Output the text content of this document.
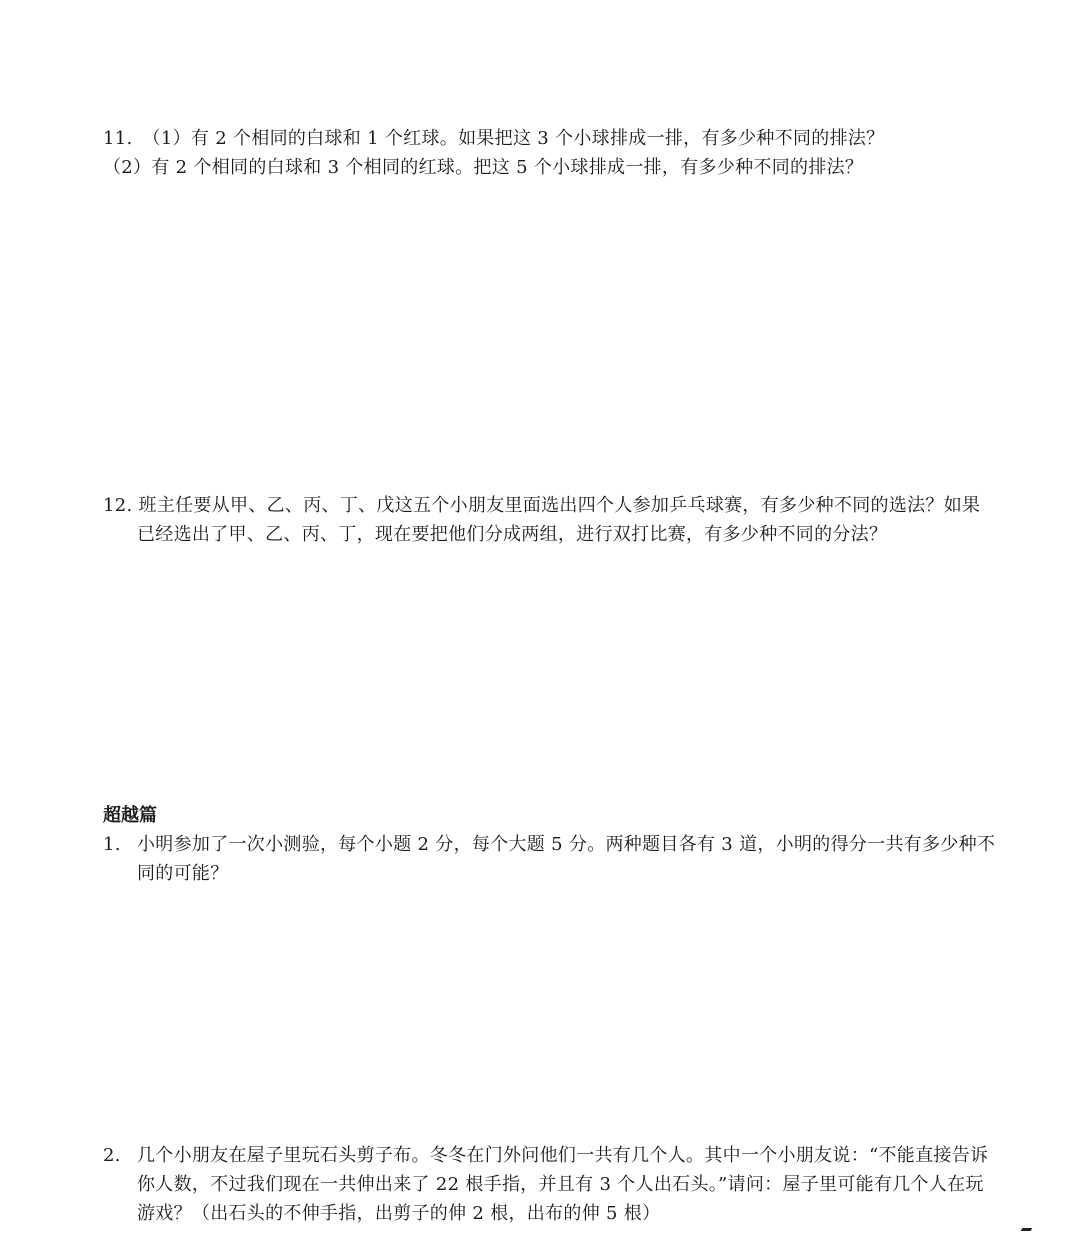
11. （1）有 2 个相同的白球和 1 个红球。如果把这 3 个小球排成一排，有多少种不同的排法？
（2）有 2 个相同的白球和 3 个相同的红球。把这 5 个小球排成一排，有多少种不同的排法？
12. 班主任要从甲、乙、丙、丁、戊这五个小朋友里面选出四个人参加乒乓球赛，有多少种不同的选法？如果
已经选出了甲、乙、丙、丁，现在要把他们分成两组，进行双打比赛，有多少种不同的分法？
超越篇
1. 小明参加了一次小测验，每个小题 2 分，每个大题 5 分。两种题目各有 3 道，小明的得分一共有多少种不
同的可能？
2. 几个小朋友在屋子里玩石头剪子布。冬冬在门外问他们一共有几个人。其中一个小朋友说：“不能直接告诉
你人数，不过我们现在一共伸出来了 22 根手指，并且有 3 个人出石头。”请问：屋子里可能有几个人在玩
游戏？（出石头的不伸手指，出剪子的伸 2 根，出布的伸 5 根）
